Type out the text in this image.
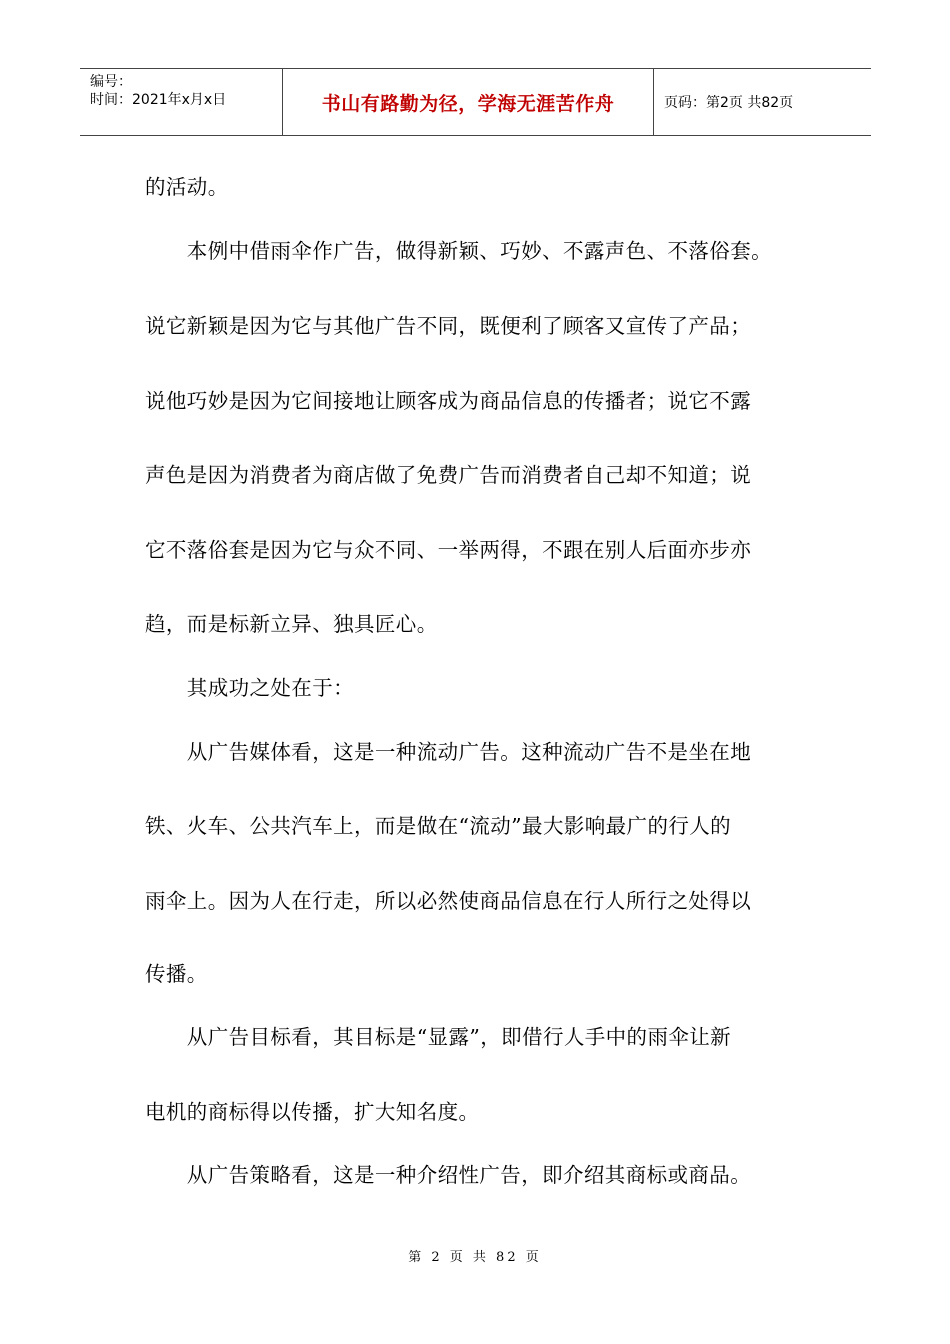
编号：
时间：2021年x月x日	书山有路勤为径，学海无涯苦作舟	页码：第2页 共82页
的活动。
　　本例中借雨伞作广告，做得新颖、巧妙、不露声色、不落俗套。
说它新颖是因为它与其他广告不同，既便利了顾客又宣传了产品；
说他巧妙是因为它间接地让顾客成为商品信息的传播者；说它不露
声色是因为消费者为商店做了免费广告而消费者自己却不知道；说
它不落俗套是因为它与众不同、一举两得，不跟在别人后面亦步亦
趋，而是标新立异、独具匠心。
　　其成功之处在于：
　　从广告媒体看，这是一种流动广告。这种流动广告不是坐在地
铁、火车、公共汽车上，而是做在“流动”最大影响最广的行人的
雨伞上。因为人在行走，所以必然使商品信息在行人所行之处得以
传播。
　　从广告目标看，其目标是“显露”，即借行人手中的雨伞让新
电机的商标得以传播，扩大知名度。
　　从广告策略看，这是一种介绍性广告，即介绍其商标或商品。
第 2 页 共 82 页
